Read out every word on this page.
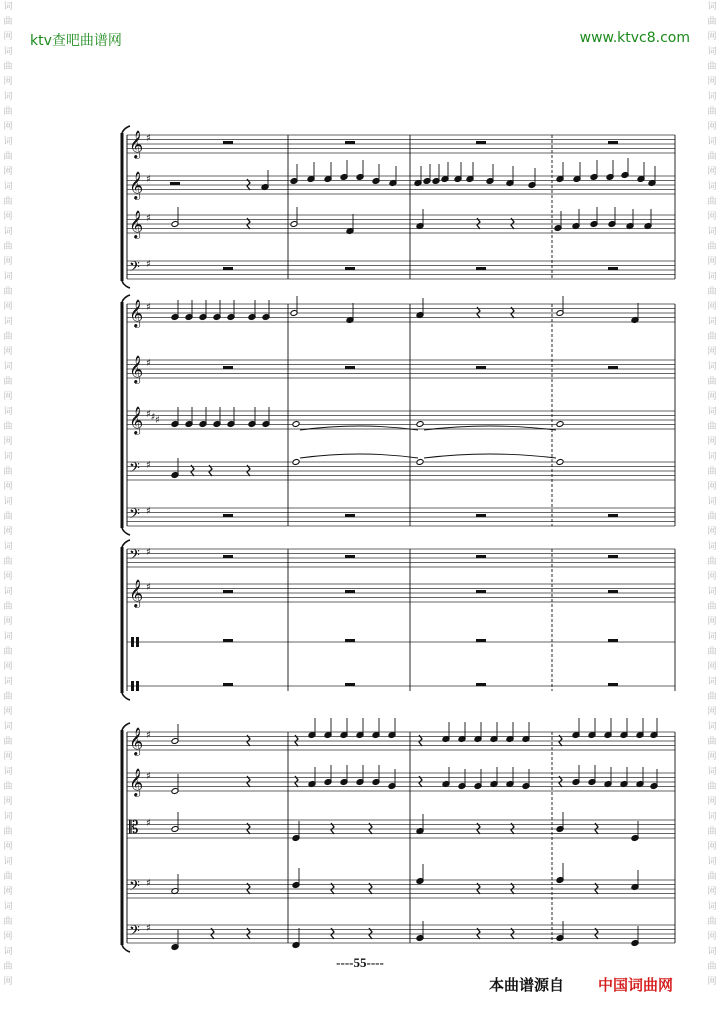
ktv查吧曲谱网	www.ktvc8.com
词
曲
网
词
曲
网
词
曲
网
词
曲
网
词
曲
网
词
曲
网
词
曲
网
词
曲
网
词
曲
网
词
曲
网
词
曲
网
词
曲
网
词
曲
网
词
曲
网
词
曲
网
词
曲
网
词
曲
网
词
曲
网
词
曲
网
词
曲
网
词
曲
网
词
曲
网
词
曲
网
词
曲
网
词
曲
网
词
曲
网
词
曲
网
词
曲
网
词
曲
网
词
曲
网
词
曲
网
词
曲
网
词
曲
网
词
曲
网
词
曲
网
词
曲
网
词
曲
网
词
曲
网
词
曲
网
词
曲
网
词
曲
网
词
曲
网
词
曲
网
词
曲
网
𝄞 ♯
𝄞 ♯
𝄞 ♯
𝄢 ♯
𝄞 ♯
𝄞 ♯
𝄞 ♯ ♯ ♯
𝄢 ♯
𝄢 ♯
𝄢 ♯
𝄞 ♯
𝄞 ♯
𝄞 ♯
𝄡 ♯
𝄢 ♯
𝄢 ♯
----55----
本曲谱源自 中国词曲网
